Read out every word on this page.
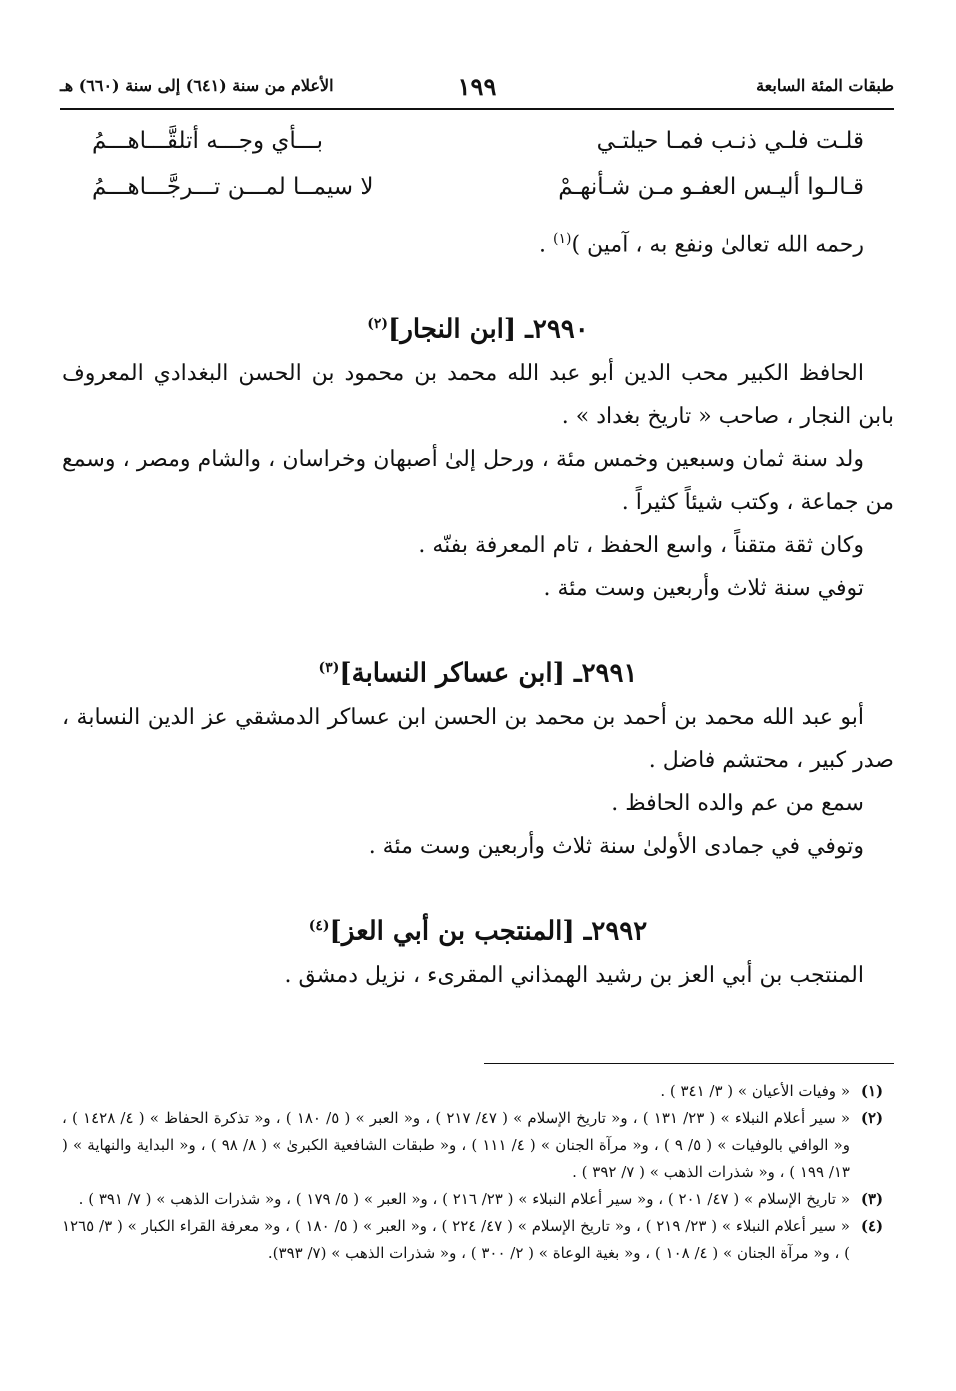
طبقات المئة السابعة
١٩٩
الأعلام من سنة (٦٤١) إلى سنة (٦٦٠) هـ
قلـت فلـي ذنـب فمـا حيلتـي
بـــأي وجـــه أتلقَّـــاهـــمُ
قـالـوا أليـس العفـو مـن شـأنهـمْ
لا سيمــا لمـــن تـــرجَّـــاهـــمُ

رحمه الله تعالىٰ ونفع به ، آمين )$^{(١)}$ .

٢٩٩٠ـ [ابن النجار]$^{(٢)}$

الحافظ الكبير محب الدين أبو عبد الله محمد بن محمود بن الحسن البغدادي المعروف بابن النجار ، صاحب « تاريخ بغداد » .

ولد سنة ثمان وسبعين وخمس مئة ، ورحل إلىٰ أصبهان وخراسان ، والشام ومصر ، وسمع من جماعة ، وكتب شيئاً كثيراً .

وكان ثقة متقناً ، واسع الحفظ ، تام المعرفة بفنّه .

توفي سنة ثلاث وأربعين وست مئة .

٢٩٩١ـ [ابن عساكر النسابة]$^{(٣)}$

أبو عبد الله محمد بن أحمد بن محمد بن الحسن ابن عساكر الدمشقي عز الدين النسابة ، صدر كبير ، محتشم فاضل .

سمع من عم والده الحافظ .

وتوفي في جمادى الأولىٰ سنة ثلاث وأربعين وست مئة .

٢٩٩٢ـ [المنتجب بن أبي العز]$^{(٤)}$

المنتجب بن أبي العز بن رشيد الهمذاني المقرىء ، نزيل دمشق .

(١)
« وفيات الأعيان » ( ٣/ ٣٤١ ) .
(٢)
« سير أعلام النبلاء » ( ٢٣/ ١٣١ ) ، و« تاريخ الإسلام » ( ٤٧/ ٢١٧ ) ، و« العبر » ( ٥/ ١٨٠ ) ، و« تذكرة الحفاظ » ( ٤/ ١٤٢٨ ) ، و« الوافي بالوفيات » ( ٥/ ٩ ) ، و« مرآة الجنان » ( ٤/ ١١١ ) ، و« طبقات الشافعية الكبرىٰ » ( ٨/ ٩٨ ) ، و« البداية والنهاية » ( ١٣/ ١٩٩ ) ، و« شذرات الذهب » ( ٧/ ٣٩٢ ) .
(٣)
« تاريخ الإسلام » ( ٤٧/ ٢٠١ ) ، و« سير أعلام النبلاء » ( ٢٣/ ٢١٦ ) ، و« العبر » ( ٥/ ١٧٩ ) ، و« شذرات الذهب » ( ٧/ ٣٩١ ) .
(٤)
« سير أعلام النبلاء » ( ٢٣/ ٢١٩ ) ، و« تاريخ الإسلام » ( ٤٧/ ٢٢٤ ) ، و« العبر » ( ٥/ ١٨٠ ) ، و« معرفة القراء الكبار » ( ٣/ ١٢٦٥ ) ، و« مرآة الجنان » ( ٤/ ١٠٨ ) ، و« بغية الوعاة » ( ٢/ ٣٠٠ ) ، و« شذرات الذهب » (٧/ ٣٩٣).
